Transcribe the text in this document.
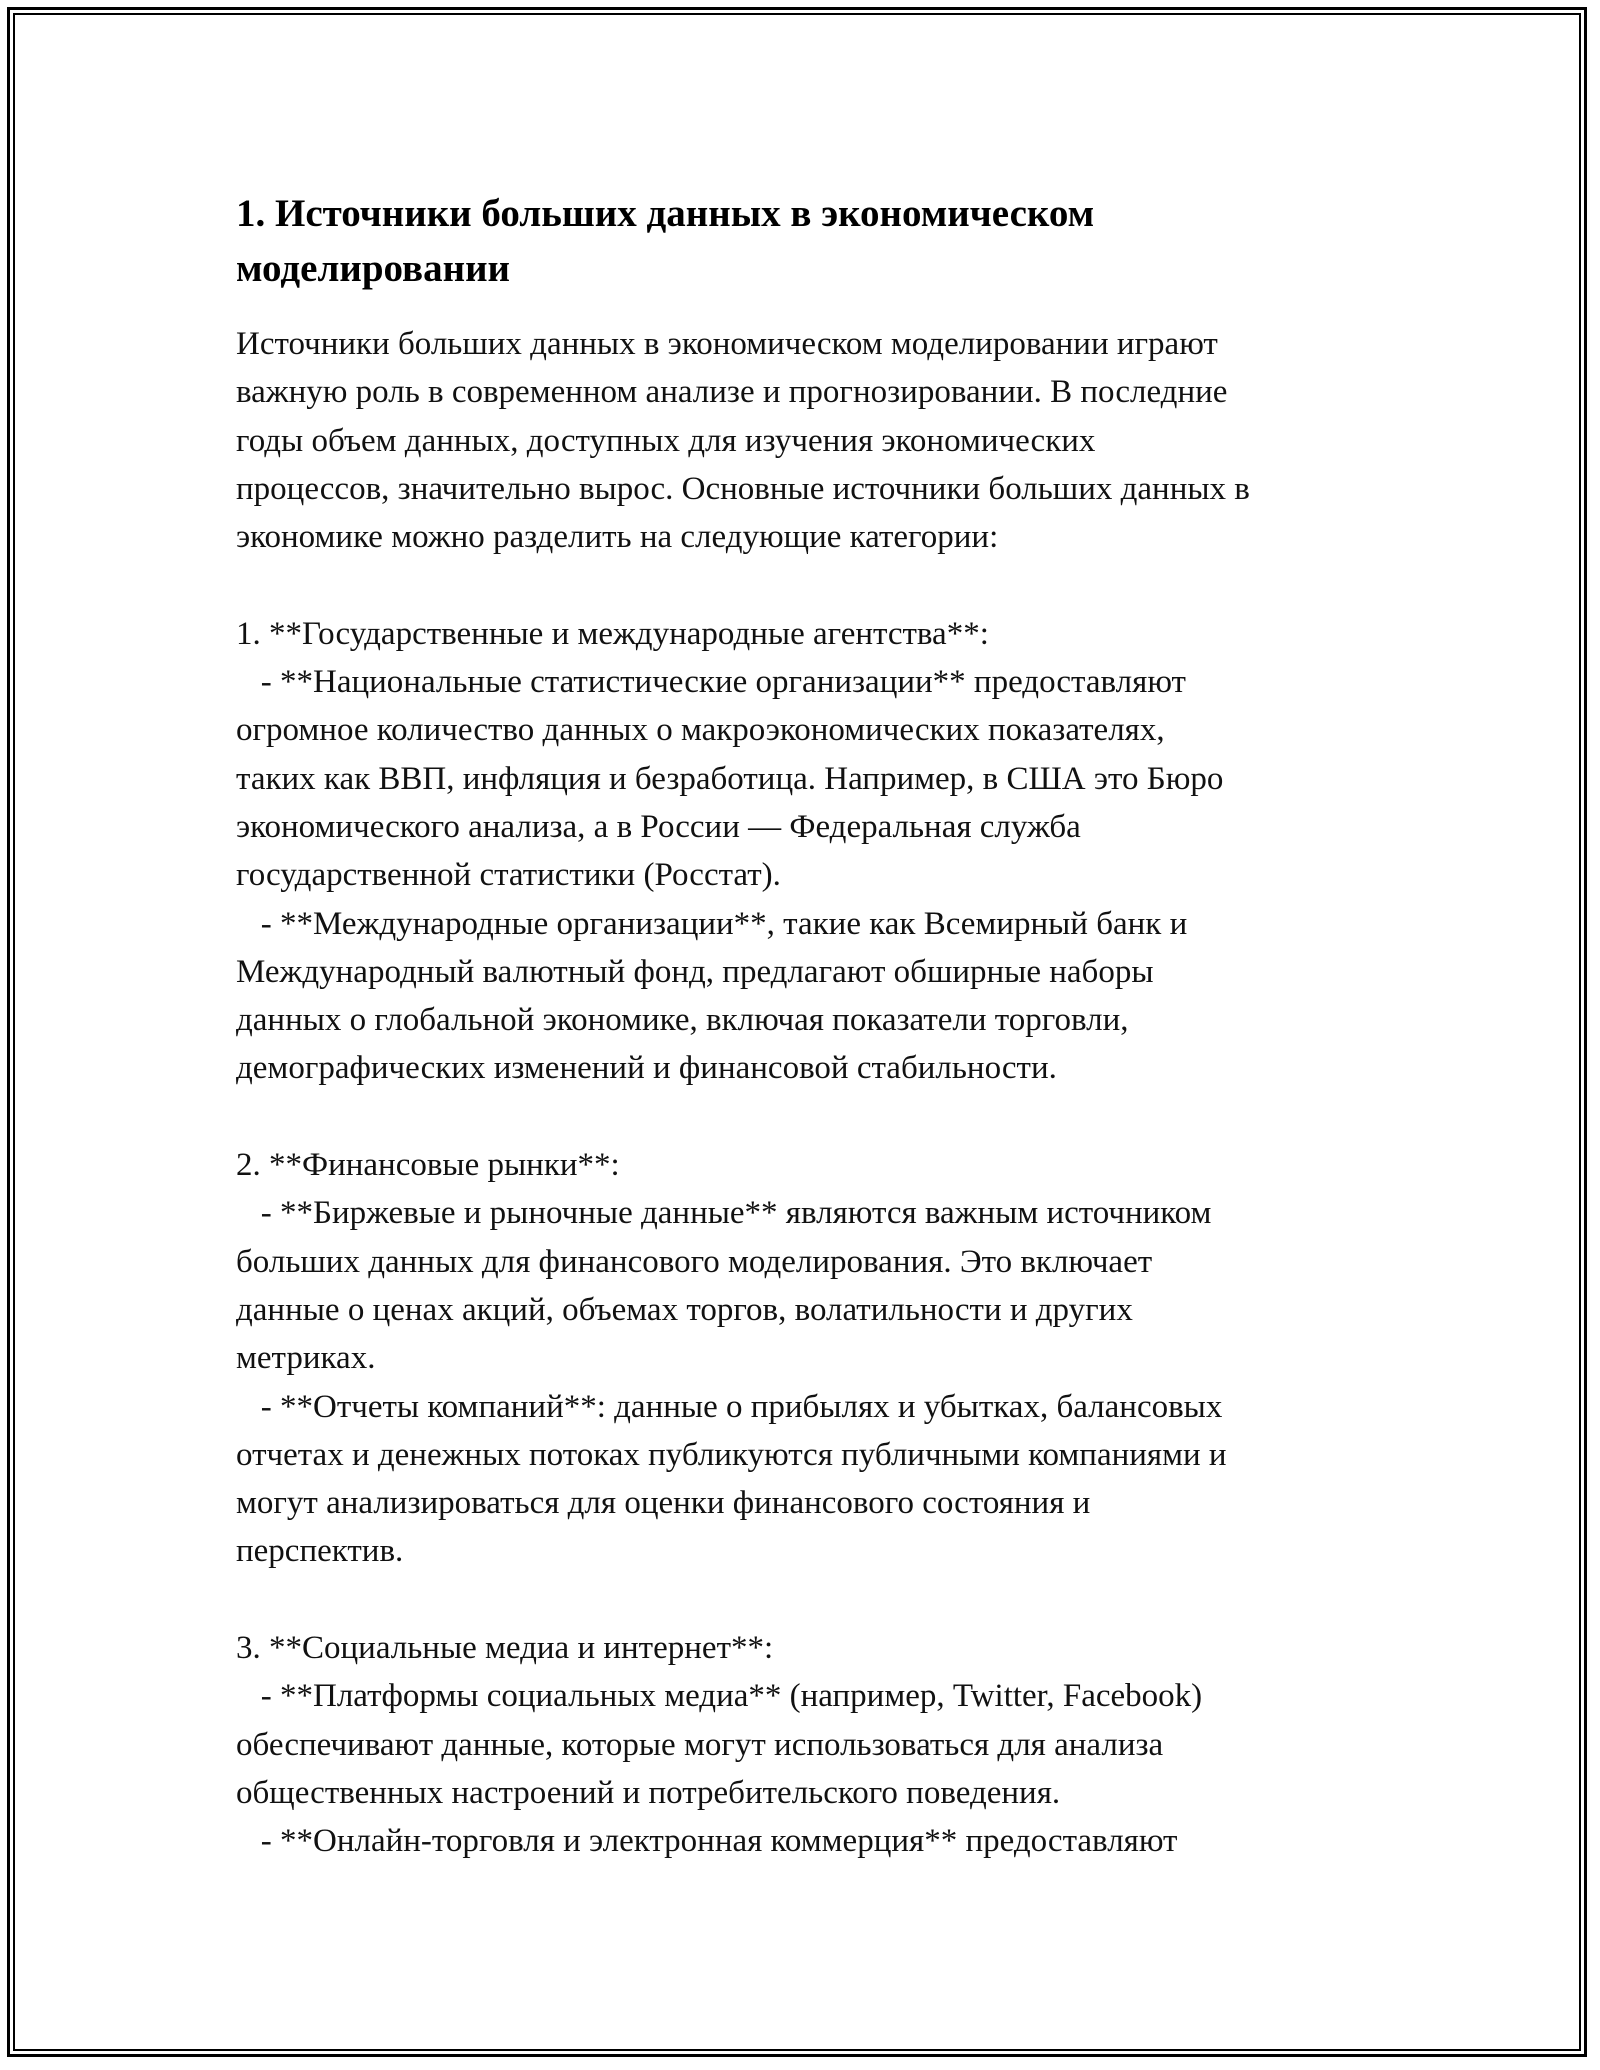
1. Источники больших данных в экономическом
моделировании

Источники больших данных в экономическом моделировании играют
важную роль в современном анализе и прогнозировании. В последние
годы объем данных, доступных для изучения экономических
процессов, значительно вырос. Основные источники больших данных в
экономике можно разделить на следующие категории:

1. **Государственные и международные агентства**:
- **Национальные статистические организации** предоставляют
огромное количество данных о макроэкономических показателях,
таких как ВВП, инфляция и безработица. Например, в США это Бюро
экономического анализа, а в России — Федеральная служба
государственной статистики (Росстат).
- **Международные организации**, такие как Всемирный банк и
Международный валютный фонд, предлагают обширные наборы
данных о глобальной экономике, включая показатели торговли,
демографических изменений и финансовой стабильности.

2. **Финансовые рынки**:
- **Биржевые и рыночные данные** являются важным источником
больших данных для финансового моделирования. Это включает
данные о ценах акций, объемах торгов, волатильности и других
метриках.
- **Отчеты компаний**: данные о прибылях и убытках, балансовых
отчетах и денежных потоках публикуются публичными компаниями и
могут анализироваться для оценки финансового состояния и
перспектив.

3. **Социальные медиа и интернет**:
- **Платформы социальных медиа** (например, Twitter, Facebook)
обеспечивают данные, которые могут использоваться для анализа
общественных настроений и потребительского поведения.
- **Онлайн-торговля и электронная коммерция** предоставляют
